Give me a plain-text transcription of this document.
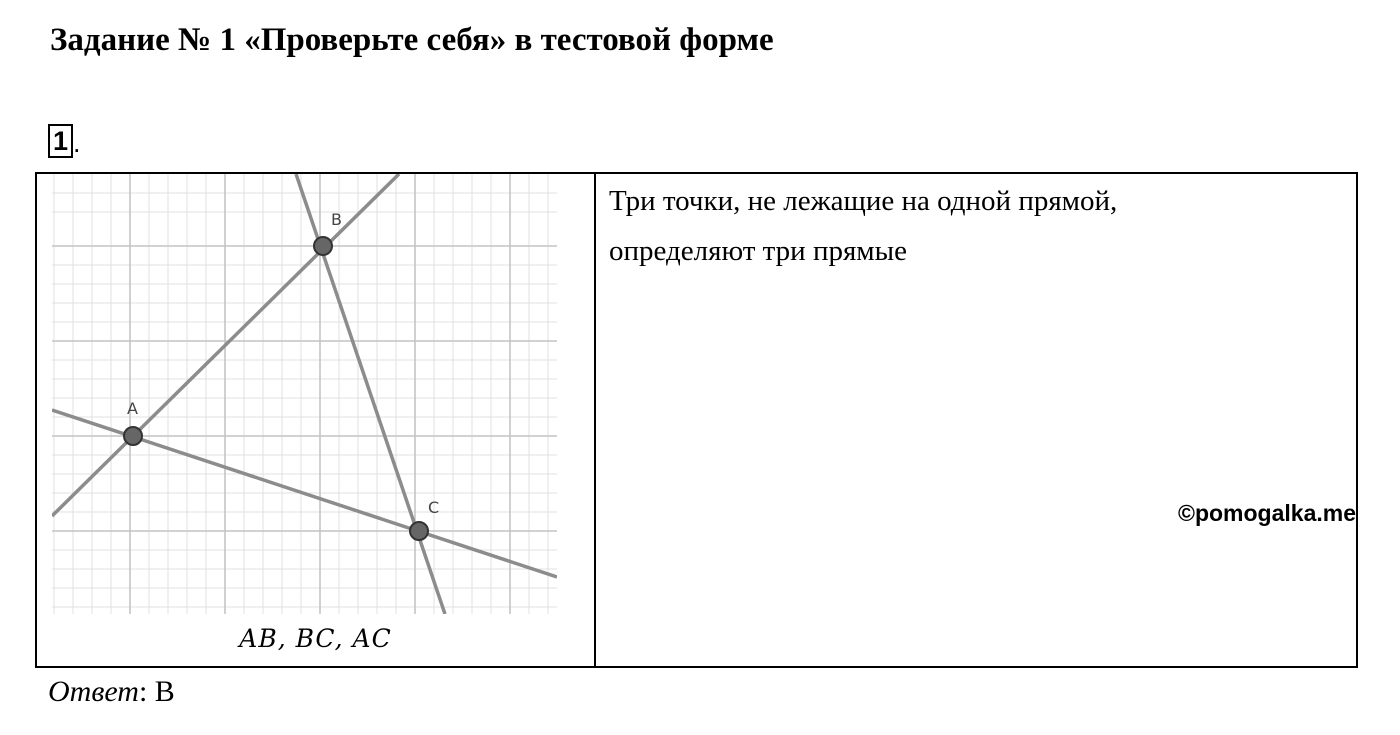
Задание № 1 «Проверьте себя» в тестовой форме
1 .
A
B
C
AB, BC, AC
Три точки, не лежащие на одной прямой,
определяют три прямые
©pomogalka.me
Ответ: В
